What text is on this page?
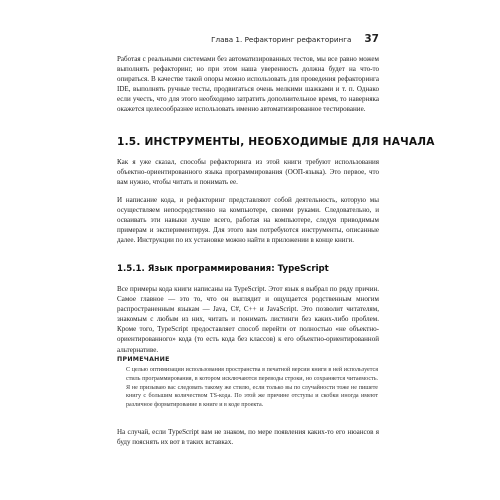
Глава 1. Рефакторинг рефакторинга 37

Работая с реальными системами без автоматизированных тестов, мы все равно можем выполнять рефакторинг, но при этом наша уверенность должна будет на что-то опираться. В качестве такой опоры можно использовать для проведения рефакторинга IDE, выполнять ручные тесты, продвигаться очень мелкими шажками и т. п. Однако если учесть, что для этого необходимо затратить дополнительное время, то наверняка окажется целесообразнее использовать именно автоматизированное тестирование.

1.5. ИНСТРУМЕНТЫ, НЕОБХОДИМЫЕ ДЛЯ НАЧАЛА

Как я уже сказал, способы рефакторинга из этой книги требуют использования объектно-ориентированного языка программирования (ООП-языка). Это первое, что вам нужно, чтобы читать и понимать ее.

И написание кода, и рефакторинг представляют собой деятельность, которую мы осуществляем непосредственно на компьютере, своими руками. Следовательно, и осваивать эти навыки лучше всего, работая на компьютере, следуя приводимым примерам и экспериментируя. Для этого вам потребуются инструменты, описанные далее. Инструкции по их установке можно найти в приложении в конце книги.

1.5.1. Язык программирования: TypeScript

Все примеры кода книги написаны на TypeScript. Этот язык я выбрал по ряду причин. Самое главное — это то, что он выглядит и ощущается родственным многим распространенным языкам — Java, C#, C++ и JavaScript. Это позволит читателям, знакомым с любым из них, читать и понимать листинги без каких-либо проблем. Кроме того, TypeScript предоставляет способ перейти от полностью «не объектно-ориентированного» кода (то есть кода без классов) к его объектно-ориентированной альтернативе.

ПРИМЕЧАНИЕ

С целью оптимизации использования пространства в печатной версии книги в ней используется стиль программирования, в котором исключаются переводы строки, но сохраняется читаемость. Я не призываю вас следовать такому же стилю, если только вы по случайности тоже не пишете книгу с большим количеством TS-кода. По этой же причине отступы и скобки иногда имеют различное форматирование в книге и в коде проекта.

На случай, если TypeScript вам не знаком, по мере появления каких-то его нюансов я буду пояснять их вот в таких вставках.
